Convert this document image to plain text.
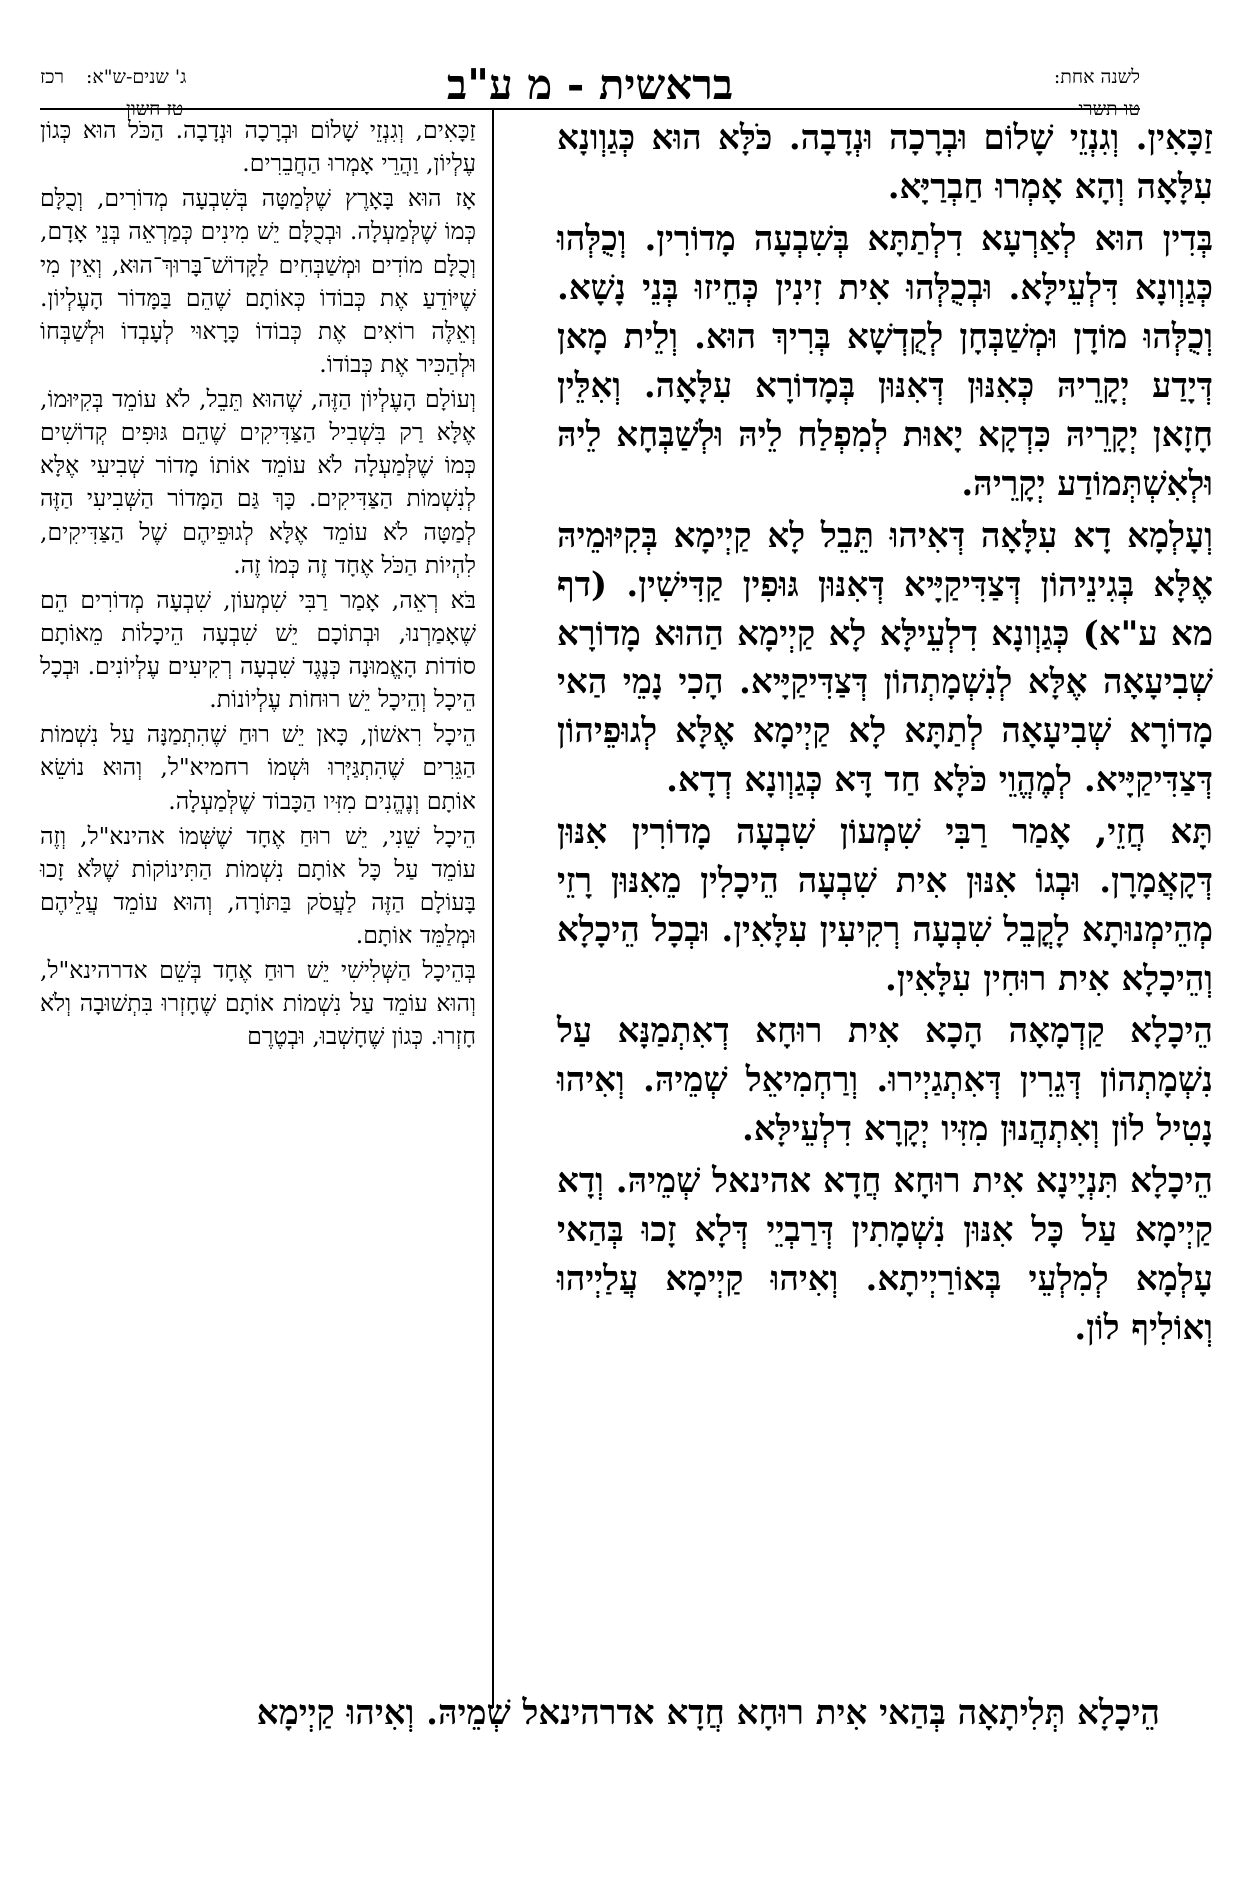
לשנה אחת:
טו תשרי
בראשית - מ ע"ב
ג' שנים-ש"א:
טז חשון
רכז

זַכָּאִין. וְגִנְזֵי שָׁלוֹם וּבְרָכָה וּנְדָבָה. כֹּלָּא הוּא כְּגַוְונָא עִלָּאָה וְהָא אָמְרוּ חַבְרַיָּא.

בְּדִין הוּא לְאַרְעָא דִלְתַתָּא בְּשִׁבְעָה מָדוֹרִין. וְכֻלְּהוּ כְּגַוְונָא דִּלְעֵילָּא. וּבְכֻלְּהוּ אִית זִינִין כְּחֵיזוּ בְּנֵי נָשָׁא. וְכֻלְּהוּ מוֹדָן וּמְשַׁבְּחָן לְקֻדְשָׁא בְּרִיךְ הוּא. וְלֵית מָאן דְּיָדַע יְקָרֵיהּ כְּאִנּוּן דְּאִנּוּן בְּמָדוֹרָא עִלָּאָה. וְאִלֵּין חָזָאן יְקָרֵיהּ כִּדְקָא יָאוּת לְמִפְלַח לֵיהּ וּלְשַׁבְּחָא לֵיהּ וּלְאִשְׁתְּמוֹדַע יְקָרֵיהּ.

וְעָלְמָא דָא עִלָּאָה דְּאִיהוּ תֵּבֵל לָא קַיְימָא בְּקִיּוּמֵיהּ אֶלָּא בְּגִינֵיהוֹן דְּצַדִּיקַיָּיא דְּאִנּוּן גּוּפִין קַדִּישִׁין. (דף מא ע"א) כְּגַוְונָא דִלְעֵילָּא לָא קַיְימָא הַהוּא מָדוֹרָא שְׁבִיעָאָה אֶלָּא לְנִשְׁמָתְהוֹן דְּצַדִּיקַיָּיא. הָכִי נָמֵי הַאי מָדוֹרָא שְׁבִיעָאָה לְתַתָּא לָא קַיְימָא אֶלָּא לְגוּפֵיהוֹן דְּצַדִּיקַיָּיא. לְמֶהֱוֵי כֹּלָּא חַד דָּא כְּגַוְונָא דְדָא.

תָּא חֲזֵי, אָמַר רַבִּי שִׁמְעוֹן שִׁבְעָה מָדוֹרִין אִנּוּן דְּקָאֲמָרָן. וּבְגוֹ אִנּוּן אִית שִׁבְעָה הֵיכָלִין מֵאִנּוּן רָזֵי מְהֵימְנוּתָא לָקֳבֵל שִׁבְעָה רְקִיעִין עִלָּאִין. וּבְכָל הֵיכָלָא וְהֵיכָלָא אִית רוּחִין עִלָּאִין.

הֵיכָלָא קַדְמָאָה הָכָא אִית רוּחָא דְאִתְמַנָּא עַל נִשְׁמָתְהוֹן דְּגֵרִין דְּאִתְגַיְירוּ. וְרַחְמִיאֵל שְׁמֵיהּ. וְאִיהוּ נָטִיל לוֹן וְאִתְהֲנוּן מִזִּיו יְקָרָא דִלְעֵילָּא.

הֵיכָלָא תִּנְיָינָא אִית רוּחָא חֲדָא אהינאל שְׁמֵיהּ. וְדָא קַיְימָא עַל כָּל אִנּוּן נִשְׁמָתִין דְּרַבְיֵי דְּלָא זָכוּ בְּהַאי עָלְמָא לְמִלְעֵי בְּאוֹרַיְיתָא. וְאִיהוּ קַיְימָא עֲלַיְיהוּ וְאוֹלִיף לוֹן.

זַכָּאִים, וְגִנְזֵי שָׁלוֹם וּבְרָכָה וּנְדָבָה. הַכֹּל הוּא כְּגוֹן עֶלְיוֹן, וַהֲרֵי אָמְרוּ הַחֲבֵרִים.

אָז הוּא בָּאָרֶץ שֶׁלְּמַטָּה בְּשִׁבְעָה מְדוֹרִים, וְכֻלָּם כְּמוֹ שֶׁלְּמַעְלָה. וּבְכֻלָּם יֵשׁ מִינִים כְּמַרְאֵה בְּנֵי אָדָם, וְכֻלָּם מוֹדִים וּמְשַׁבְּחִים לַקָּדוֹשׁ־בָּרוּךְ־הוּא, וְאֵין מִי שֶׁיּוֹדֵעַ אֶת כְּבוֹדוֹ כְּאוֹתָם שֶׁהֵם בַּמָּדוֹר הָעֶלְיוֹן. וְאֵלֶּה רוֹאִים אֶת כְּבוֹדוֹ כָּרָאוּי לְעָבְדוֹ וּלְשַׁבְּחוֹ וּלְהַכִּיר אֶת כְּבוֹדוֹ.

וְעוֹלָם הָעֶלְיוֹן הַזֶּה, שֶׁהוּא תֵּבֵל, לֹא עוֹמֵד בְּקִיּוּמוֹ, אֶלָּא רַק בִּשְׁבִיל הַצַּדִּיקִים שֶׁהֵם גּוּפִים קְדוֹשִׁים כְּמוֹ שֶׁלְּמַעְלָה לֹא עוֹמֵד אוֹתוֹ מָדוֹר שְׁבִיעִי אֶלָּא לְנִשְׁמוֹת הַצַּדִּיקִים. כָּךְ גַּם הַמָּדוֹר הַשְּׁבִיעִי הַזֶּה לְמַטָּה לֹא עוֹמֵד אֶלָּא לְגוּפֵיהֶם שֶׁל הַצַּדִּיקִים, לִהְיוֹת הַכֹּל אֶחָד זֶה כְּמוֹ זֶה.

בֹּא רְאֵה, אָמַר רַבִּי שִׁמְעוֹן, שִׁבְעָה מְדוֹרִים הֵם שֶׁאָמַרְנוּ, וּבְתוֹכָם יֵשׁ שִׁבְעָה הֵיכָלוֹת מֵאוֹתָם סוֹדוֹת הָאֱמוּנָה כְּנֶגֶד שִׁבְעָה רְקִיעִים עֶלְיוֹנִים. וּבְכָל הֵיכָל וְהֵיכָל יֵשׁ רוּחוֹת עֶלְיוֹנוֹת.

הֵיכָל רִאשׁוֹן, כָּאן יֵשׁ רוּחַ שֶׁהִתְמַנָּה עַל נִשְׁמוֹת הַגֵּרִים שֶׁהִתְגַּיְּרוּ וּשְׁמוֹ רחמיא"ל, וְהוּא נוֹשֵׂא אוֹתָם וְנֶהֱנִים מִזִּיו הַכָּבוֹד שֶׁלְּמַעְלָה.

הֵיכָל שֵׁנִי, יֵשׁ רוּחַ אֶחָד שֶׁשְּׁמוֹ אהינא"ל, וְזֶה עוֹמֵד עַל כָּל אוֹתָם נִשְׁמוֹת הַתִּינוֹקוֹת שֶׁלֹּא זָכוּ בָּעוֹלָם הַזֶּה לַעֲסֹק בַּתּוֹרָה, וְהוּא עוֹמֵד עֲלֵיהֶם וּמְלַמֵּד אוֹתָם.

בְּהֵיכָל הַשְּׁלִישִׁי יֵשׁ רוּחַ אֶחָד בְּשֵׁם אדרהינא"ל, וְהוּא עוֹמֵד עַל נִשְׁמוֹת אוֹתָם שֶׁחָזְרוּ בִּתְשׁוּבָה וְלֹא חָזְרוּ. כְּגוֹן שֶׁחָשְׁבוּ, וּבְטֶרֶם

הֵיכָלָא תְּלִיתָאָה בְּהַאי אִית רוּחָא חֲדָא אדרהינאל שְׁמֵיהּ. וְאִיהוּ קַיְימָא
